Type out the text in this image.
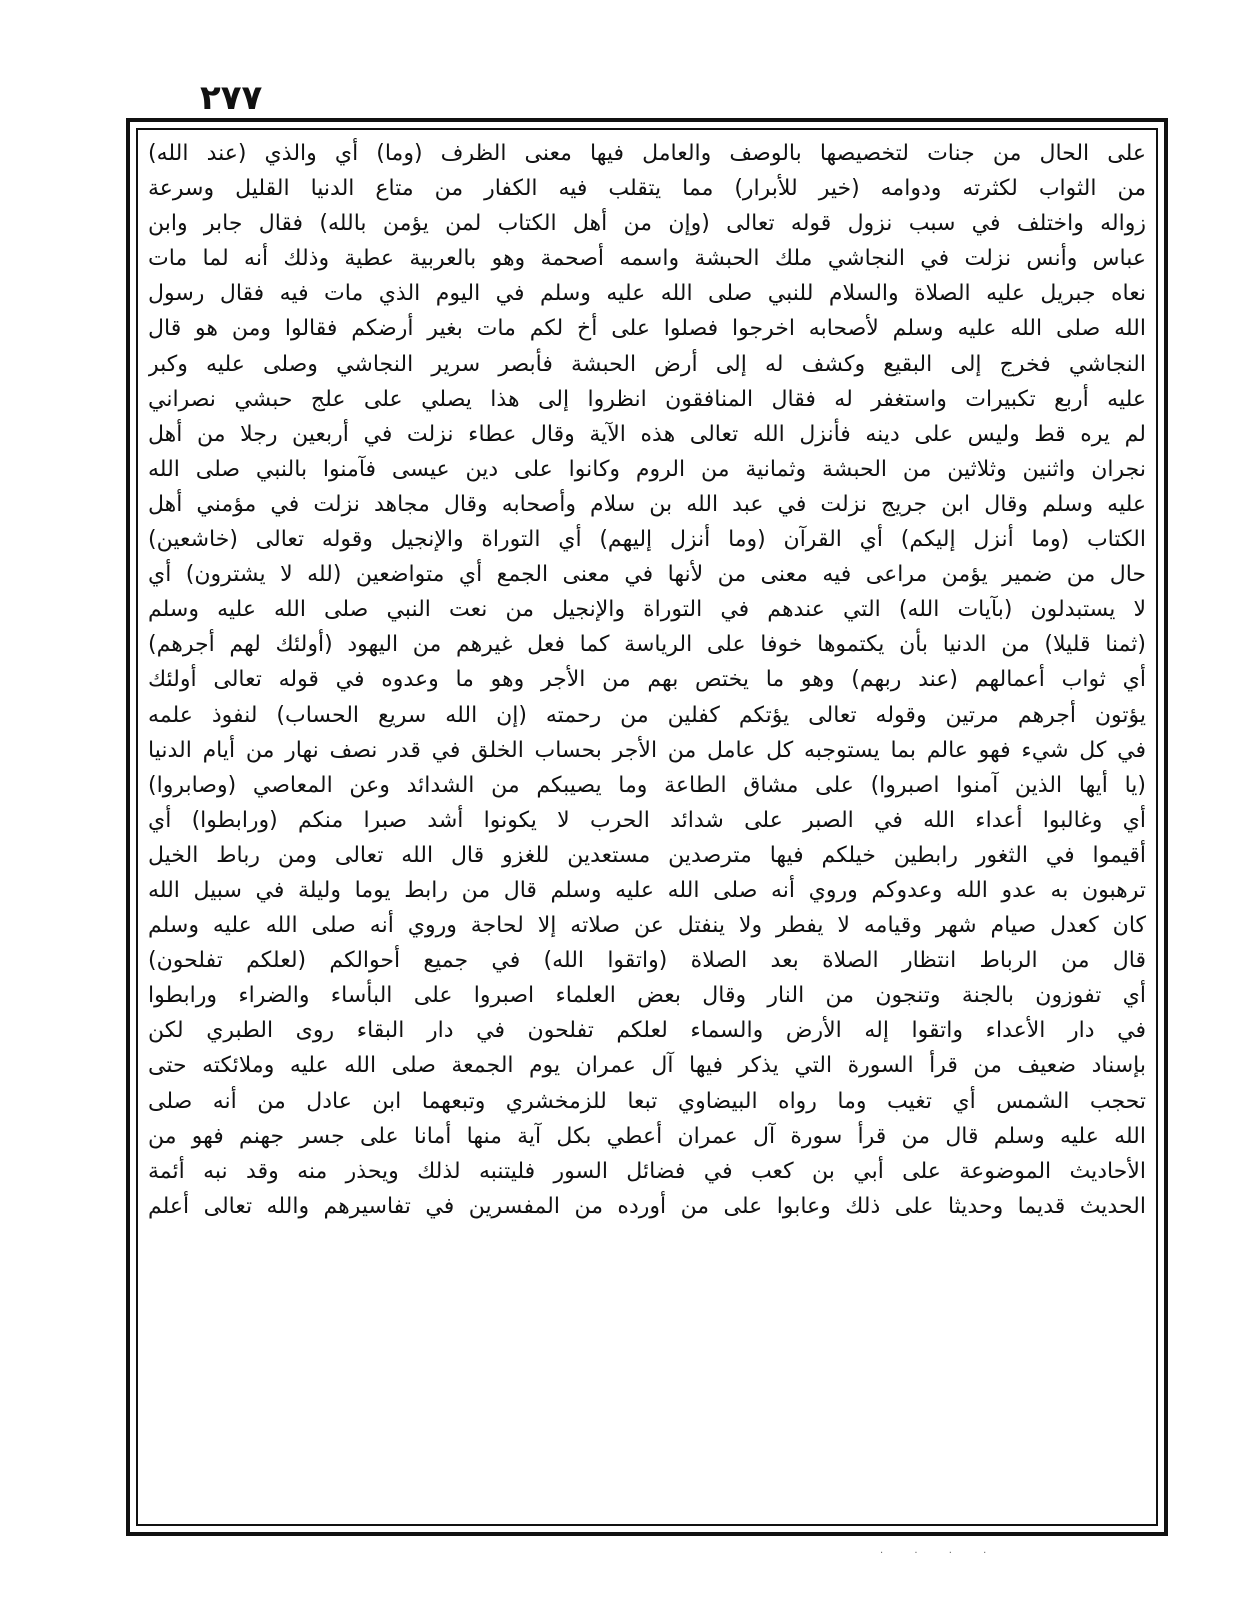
٢٧٧
على الحال من جنات لتخصيصها بالوصف والعامل فيها معنى الظرف (وما) أي والذي (عند الله)
من الثواب لكثرته ودوامه (خير للأبرار) مما يتقلب فيه الكفار من متاع الدنيا القليل وسرعة
زواله واختلف في سبب نزول قوله تعالى (وإن من أهل الكتاب لمن يؤمن بالله) فقال جابر وابن
عباس وأنس نزلت في النجاشي ملك الحبشة واسمه أصحمة وهو بالعربية عطية وذلك أنه لما مات
نعاه جبريل عليه الصلاة والسلام للنبي صلى الله عليه وسلم في اليوم الذي مات فيه فقال رسول
الله صلى الله عليه وسلم لأصحابه اخرجوا فصلوا على أخ لكم مات بغير أرضكم فقالوا ومن هو قال
النجاشي فخرج إلى البقيع وكشف له إلى أرض الحبشة فأبصر سرير النجاشي وصلى عليه وكبر
عليه أربع تكبيرات واستغفر له فقال المنافقون انظروا إلى هذا يصلي على علج حبشي نصراني
لم يره قط وليس على دينه فأنزل الله تعالى هذه الآية وقال عطاء نزلت في أربعين رجلا من أهل
نجران واثنين وثلاثين من الحبشة وثمانية من الروم وكانوا على دين عيسى فآمنوا بالنبي صلى الله
عليه وسلم وقال ابن جريج نزلت في عبد الله بن سلام وأصحابه وقال مجاهد نزلت في مؤمني أهل
الكتاب (وما أنزل إليكم) أي القرآن (وما أنزل إليهم) أي التوراة والإنجيل وقوله تعالى (خاشعين)
حال من ضمير يؤمن مراعى فيه معنى من لأنها في معنى الجمع أي متواضعين (لله لا يشترون) أي
لا يستبدلون (بآيات الله) التي عندهم في التوراة والإنجيل من نعت النبي صلى الله عليه وسلم
(ثمنا قليلا) من الدنيا بأن يكتموها خوفا على الرياسة كما فعل غيرهم من اليهود (أولئك لهم أجرهم)
أي ثواب أعمالهم (عند ربهم) وهو ما يختص بهم من الأجر وهو ما وعدوه في قوله تعالى أولئك
يؤتون أجرهم مرتين وقوله تعالى يؤتكم كفلين من رحمته (إن الله سريع الحساب) لنفوذ علمه
في كل شيء فهو عالم بما يستوجبه كل عامل من الأجر بحساب الخلق في قدر نصف نهار من أيام الدنيا
(يا أيها الذين آمنوا اصبروا) على مشاق الطاعة وما يصيبكم من الشدائد وعن المعاصي (وصابروا)
أي وغالبوا أعداء الله في الصبر على شدائد الحرب لا يكونوا أشد صبرا منكم (ورابطوا) أي
أقيموا في الثغور رابطين خيلكم فيها مترصدين مستعدين للغزو قال الله تعالى ومن رباط الخيل
ترهبون به عدو الله وعدوكم وروي أنه صلى الله عليه وسلم قال من رابط يوما وليلة في سبيل الله
كان كعدل صيام شهر وقيامه لا يفطر ولا ينفتل عن صلاته إلا لحاجة وروي أنه صلى الله عليه وسلم
قال من الرباط انتظار الصلاة بعد الصلاة (واتقوا الله) في جميع أحوالكم (لعلكم تفلحون)
أي تفوزون بالجنة وتنجون من النار وقال بعض العلماء اصبروا على البأساء والضراء ورابطوا
في دار الأعداء واتقوا إله الأرض والسماء لعلكم تفلحون في دار البقاء روى الطبري لكن
بإسناد ضعيف من قرأ السورة التي يذكر فيها آل عمران يوم الجمعة صلى الله عليه وملائكته حتى
تحجب الشمس أي تغيب وما رواه البيضاوي تبعا للزمخشري وتبعهما ابن عادل من أنه صلى
الله عليه وسلم قال من قرأ سورة آل عمران أعطي بكل آية منها أمانا على جسر جهنم فهو من
الأحاديث الموضوعة على أبي بن كعب في فضائل السور فليتنبه لذلك ويحذر منه وقد نبه أئمة
الحديث قديما وحديثا على ذلك وعابوا على من أورده من المفسرين في تفاسيرهم والله تعالى أعلم
· · · ·
